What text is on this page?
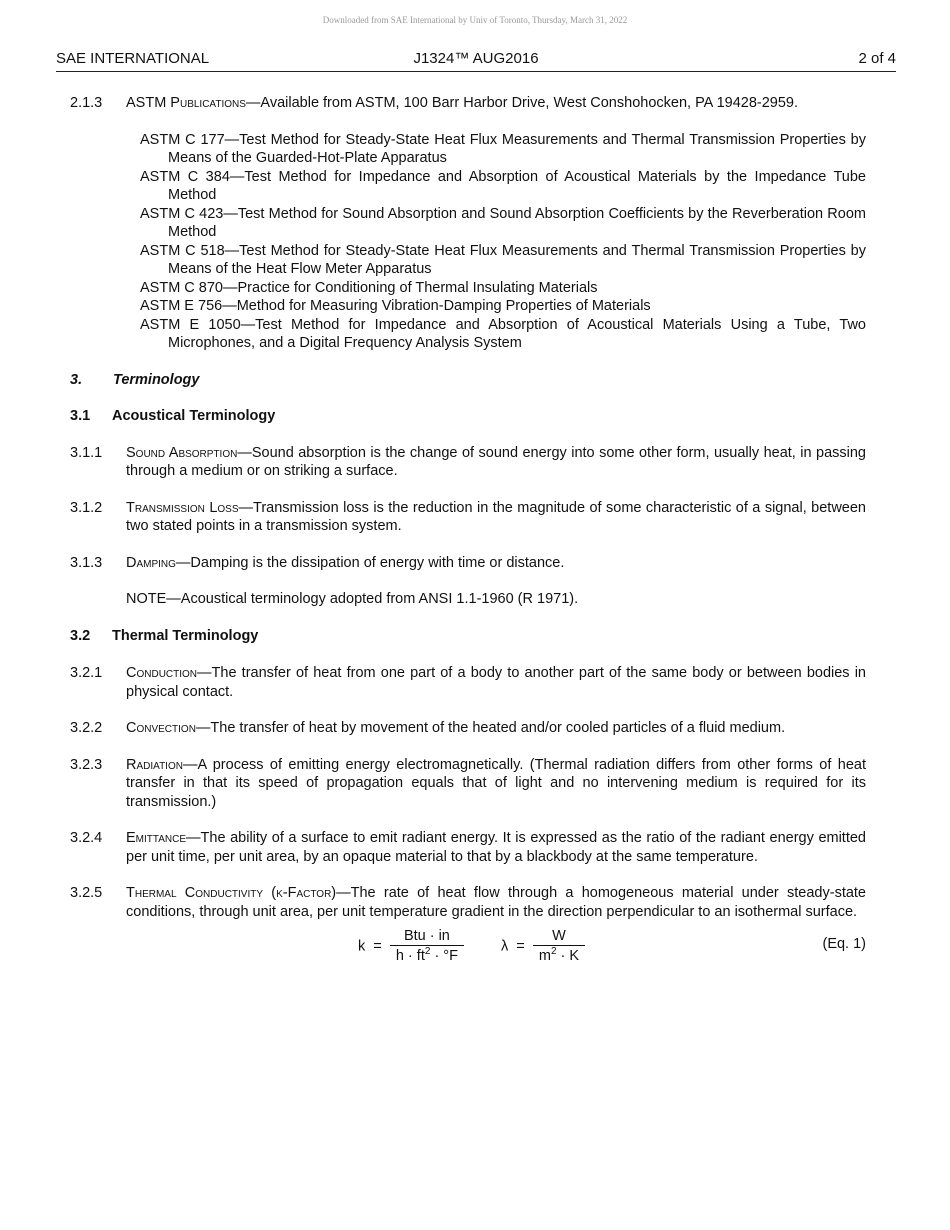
Downloaded from SAE International by Univ of Toronto, Thursday, March 31, 2022
SAE INTERNATIONAL	J1324™ AUG2016	2 of 4
2.1.3 ASTM Publications—Available from ASTM, 100 Barr Harbor Drive, West Conshohocken, PA 19428-2959.
ASTM C 177—Test Method for Steady-State Heat Flux Measurements and Thermal Transmission Properties by Means of the Guarded-Hot-Plate Apparatus
ASTM C 384—Test Method for Impedance and Absorption of Acoustical Materials by the Impedance Tube Method
ASTM C 423—Test Method for Sound Absorption and Sound Absorption Coefficients by the Reverberation Room Method
ASTM C 518—Test Method for Steady-State Heat Flux Measurements and Thermal Transmission Properties by Means of the Heat Flow Meter Apparatus
ASTM C 870—Practice for Conditioning of Thermal Insulating Materials
ASTM E 756—Method for Measuring Vibration-Damping Properties of Materials
ASTM E 1050—Test Method for Impedance and Absorption of Acoustical Materials Using a Tube, Two Microphones, and a Digital Frequency Analysis System
3. Terminology
3.1 Acoustical Terminology
3.1.1 Sound Absorption—Sound absorption is the change of sound energy into some other form, usually heat, in passing through a medium or on striking a surface.
3.1.2 Transmission Loss—Transmission loss is the reduction in the magnitude of some characteristic of a signal, between two stated points in a transmission system.
3.1.3 Damping—Damping is the dissipation of energy with time or distance.
NOTE—Acoustical terminology adopted from ANSI 1.1-1960 (R 1971).
3.2 Thermal Terminology
3.2.1 Conduction—The transfer of heat from one part of a body to another part of the same body or between bodies in physical contact.
3.2.2 Convection—The transfer of heat by movement of the heated and/or cooled particles of a fluid medium.
3.2.3 Radiation—A process of emitting energy electromagnetically. (Thermal radiation differs from other forms of heat transfer in that its speed of propagation equals that of light and no intervening medium is required for its transmission.)
3.2.4 Emittance—The ability of a surface to emit radiant energy. It is expressed as the ratio of the radiant energy emitted per unit time, per unit area, by an opaque material to that by a blackbody at the same temperature.
3.2.5 Thermal Conductivity (k-Factor)—The rate of heat flow through a homogeneous material under steady-state conditions, through unit area, per unit temperature gradient in the direction perpendicular to an isothermal surface.
$k = \frac{\text{Btu · in}}{h \cdot ft^2 \cdot ^\circ F}$	$\lambda = \frac{W}{m^2 \cdot K}$	(Eq. 1)
